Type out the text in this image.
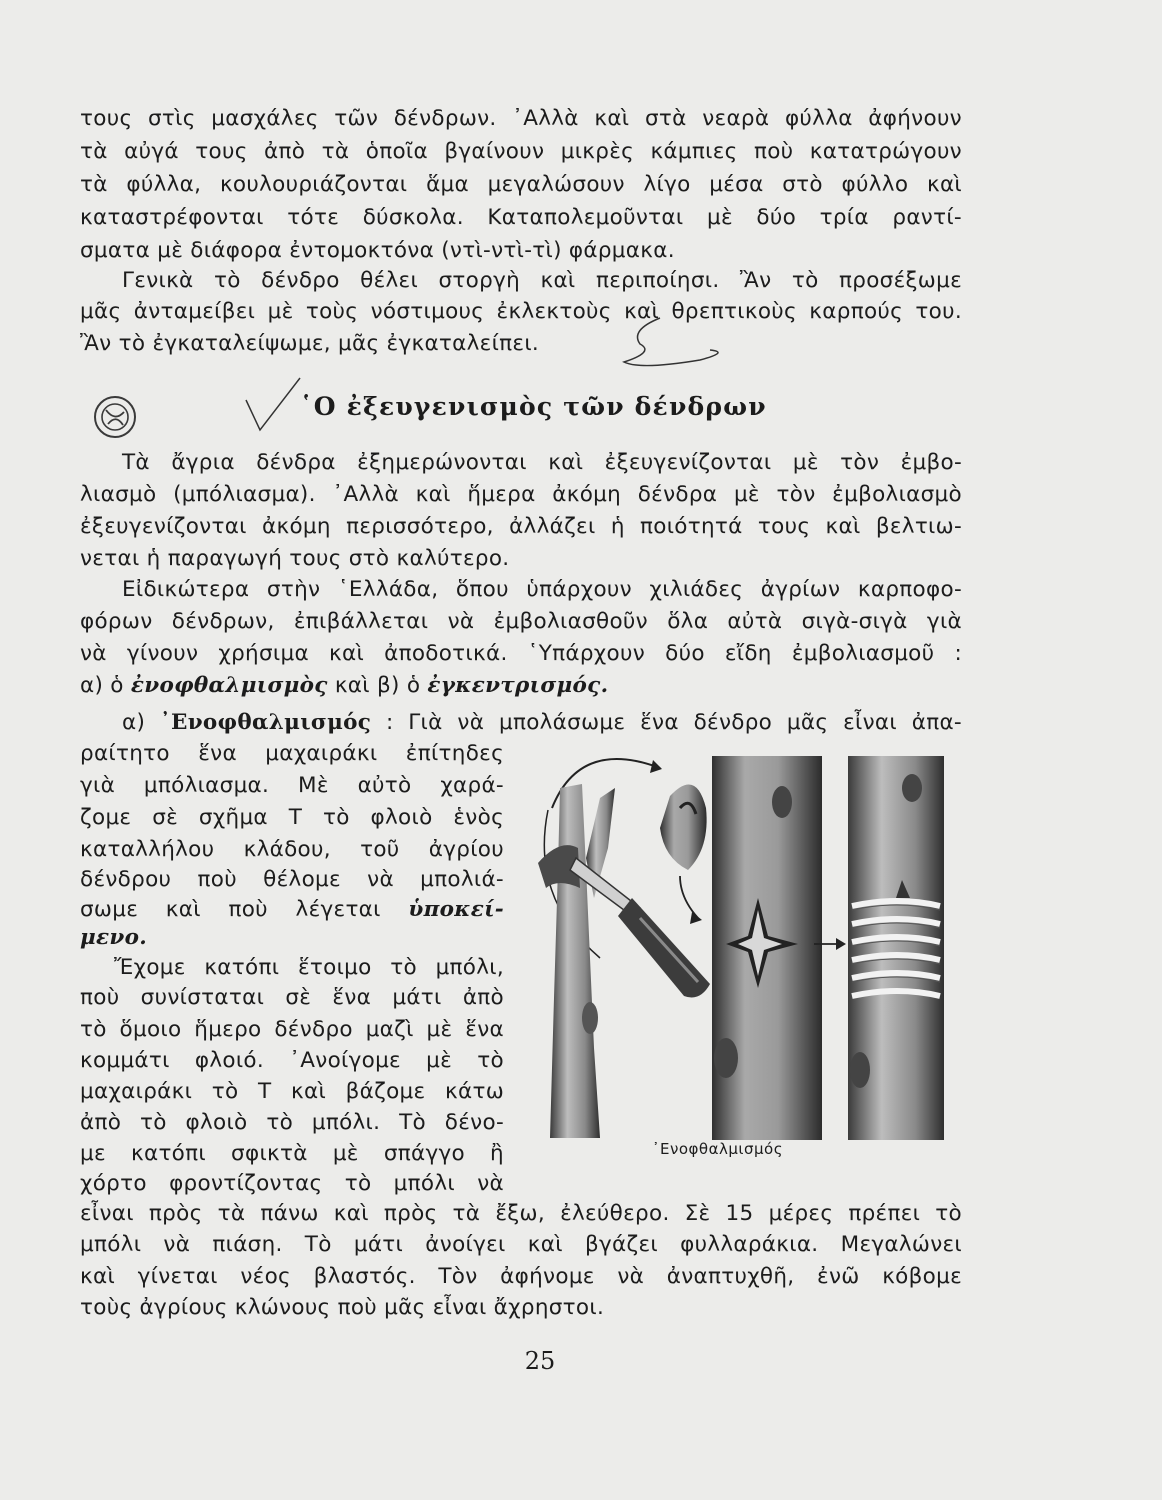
τους στὶς μασχάλες τῶν δένδρων. ᾿Αλλὰ καὶ στὰ νεαρὰ φύλλα ἀφήνουν
τὰ αὐγά τους ἀπὸ τὰ ὁποῖα βγαίνουν μικρὲς κάμπιες ποὺ κατατρώγουν
τὰ φύλλα, κουλουριάζονται ἅμα μεγαλώσουν λίγο μέσα στὸ φύλλο καὶ
καταστρέφονται τότε δύσκολα. Καταπολεμοῦνται μὲ δύο τρία ραντί-
σματα μὲ διάφορα ἐντομοκτόνα (ντὶ-ντὶ-τὶ) φάρμακα.
Γενικὰ τὸ δένδρο θέλει στοργὴ καὶ περιποίησι. Ἂν τὸ προσέξωμε
μᾶς ἀνταμείβει μὲ τοὺς νόστιμους ἐκλεκτοὺς καὶ θρεπτικοὺς καρπούς του.
Ἂν τὸ ἐγκαταλείψωμε, μᾶς ἐγκαταλείπει.
῾Ο ἐξευγενισμὸς τῶν δένδρων
Τὰ ἄγρια δένδρα ἐξημερώνονται καὶ ἐξευγενίζονται μὲ τὸν ἐμβο-
λιασμὸ (μπόλιασμα). ᾿Αλλὰ καὶ ἥμερα ἀκόμη δένδρα μὲ τὸν ἐμβολιασμὸ
ἐξευγενίζονται ἀκόμη περισσότερο, ἀλλάζει ἡ ποιότητά τους καὶ βελτιω-
νεται ἡ παραγωγή τους στὸ καλύτερο.
Εἰδικώτερα στὴν ῾Ελλάδα, ὅπου ὑπάρχουν χιλιάδες ἀγρίων καρποφο-
φόρων δένδρων, ἐπιβάλλεται νὰ ἐμβολιασθοῦν ὅλα αὐτὰ σιγὰ-σιγὰ γιὰ
νὰ γίνουν χρήσιμα καὶ ἀποδοτικά. ῾Υπάρχουν δύο εἴδη ἐμβολιασμοῦ :
α) ὁ ἐνοφθαλμισμὸς καὶ β) ὁ ἐγκεντρισμός.
α) ᾿Ενοφθαλμισμός : Γιὰ νὰ μπολάσωμε ἕνα δένδρο μᾶς εἶναι ἀπα-
ραίτητο ἕνα μαχαιράκι ἐπίτηδες
γιὰ μπόλιασμα. Μὲ αὐτὸ χαρά-
ζομε σὲ σχῆμα Τ τὸ φλοιὸ ἑνὸς
καταλλήλου κλάδου, τοῦ ἀγρίου
δένδρου ποὺ θέλομε νὰ μπολιά-
σωμε καὶ ποὺ λέγεται ὑποκεί-
μενο.
Ἔχομε κατόπι ἕτοιμο τὸ μπόλι,
ποὺ συνίσταται σὲ ἕνα μάτι ἀπὸ
τὸ ὅμοιο ἥμερο δένδρο μαζὶ μὲ ἕνα
κομμάτι φλοιό. ᾿Ανοίγομε μὲ τὸ
μαχαιράκι τὸ Τ καὶ βάζομε κάτω
ἀπὸ τὸ φλοιὸ τὸ μπόλι. Τὸ δένο-
με κατόπι σφικτὰ μὲ σπάγγο ἢ
χόρτο φροντίζοντας τὸ μπόλι νὰ
᾿Ενοφθαλμισμός
εἶναι πρὸς τὰ πάνω καὶ πρὸς τὰ ἔξω, ἐλεύθερο. Σὲ 15 μέρες πρέπει τὸ
μπόλι νὰ πιάση. Τὸ μάτι ἀνοίγει καὶ βγάζει φυλλαράκια. Μεγαλώνει
καὶ γίνεται νέος βλαστός. Τὸν ἀφήνομε νὰ ἀναπτυχθῆ, ἐνῶ κόβομε
τοὺς ἀγρίους κλώνους ποὺ μᾶς εἶναι ἄχρηστοι.
25
